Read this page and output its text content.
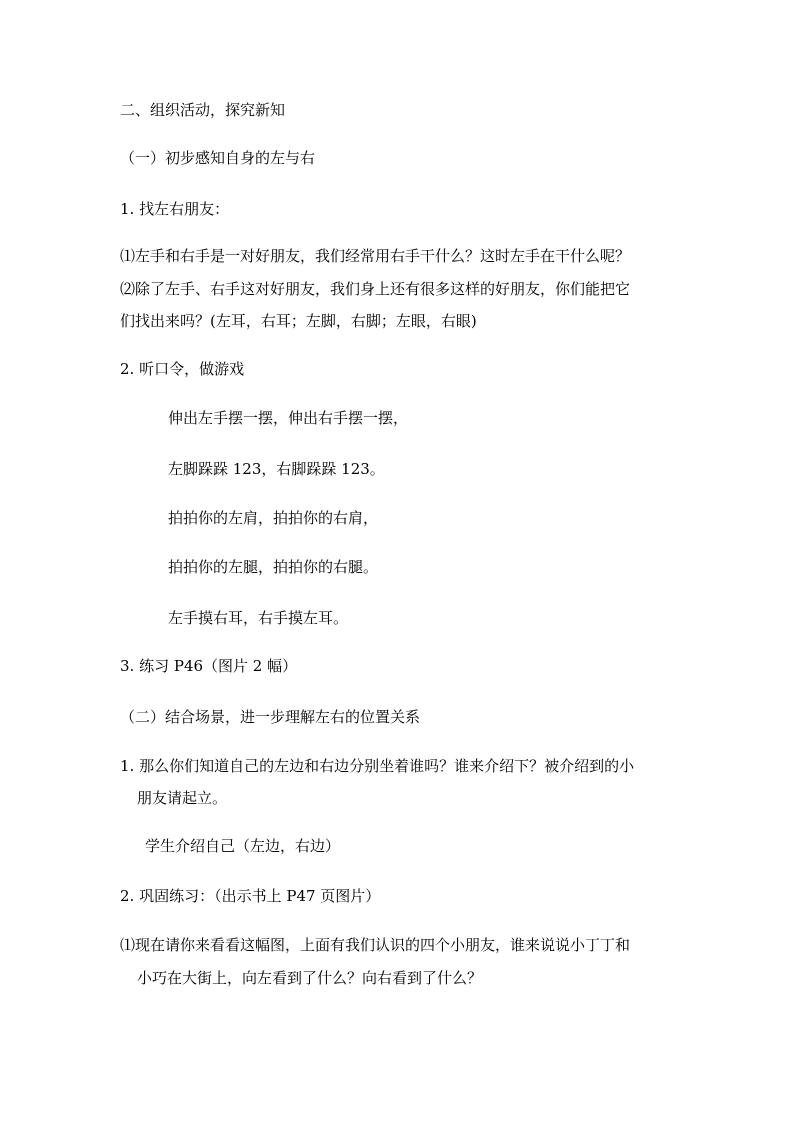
二、组织活动，探究新知
（一）初步感知自身的左与右
1. 找左右朋友：
⑴左手和右手是一对好朋友，我们经常用右手干什么？这时左手在干什么呢？
⑵除了左手、右手这对好朋友，我们身上还有很多这样的好朋友，你们能把它
们找出来吗？(左耳，右耳；左脚，右脚；左眼，右眼)
2. 听口令，做游戏
伸出左手摆一摆，伸出右手摆一摆，
左脚跺跺 123，右脚跺跺 123。
拍拍你的左肩，拍拍你的右肩，
拍拍你的左腿，拍拍你的右腿。
左手摸右耳，右手摸左耳。
3. 练习 P46（图片 2 幅）
（二）结合场景，进一步理解左右的位置关系
1. 那么你们知道自己的左边和右边分别坐着谁吗？谁来介绍下？被介绍到的小
朋友请起立。
学生介绍自己（左边，右边）
2. 巩固练习：（出示书上 P47 页图片）
⑴现在请你来看看这幅图，上面有我们认识的四个小朋友，谁来说说小丁丁和
小巧在大街上，向左看到了什么？向右看到了什么？
